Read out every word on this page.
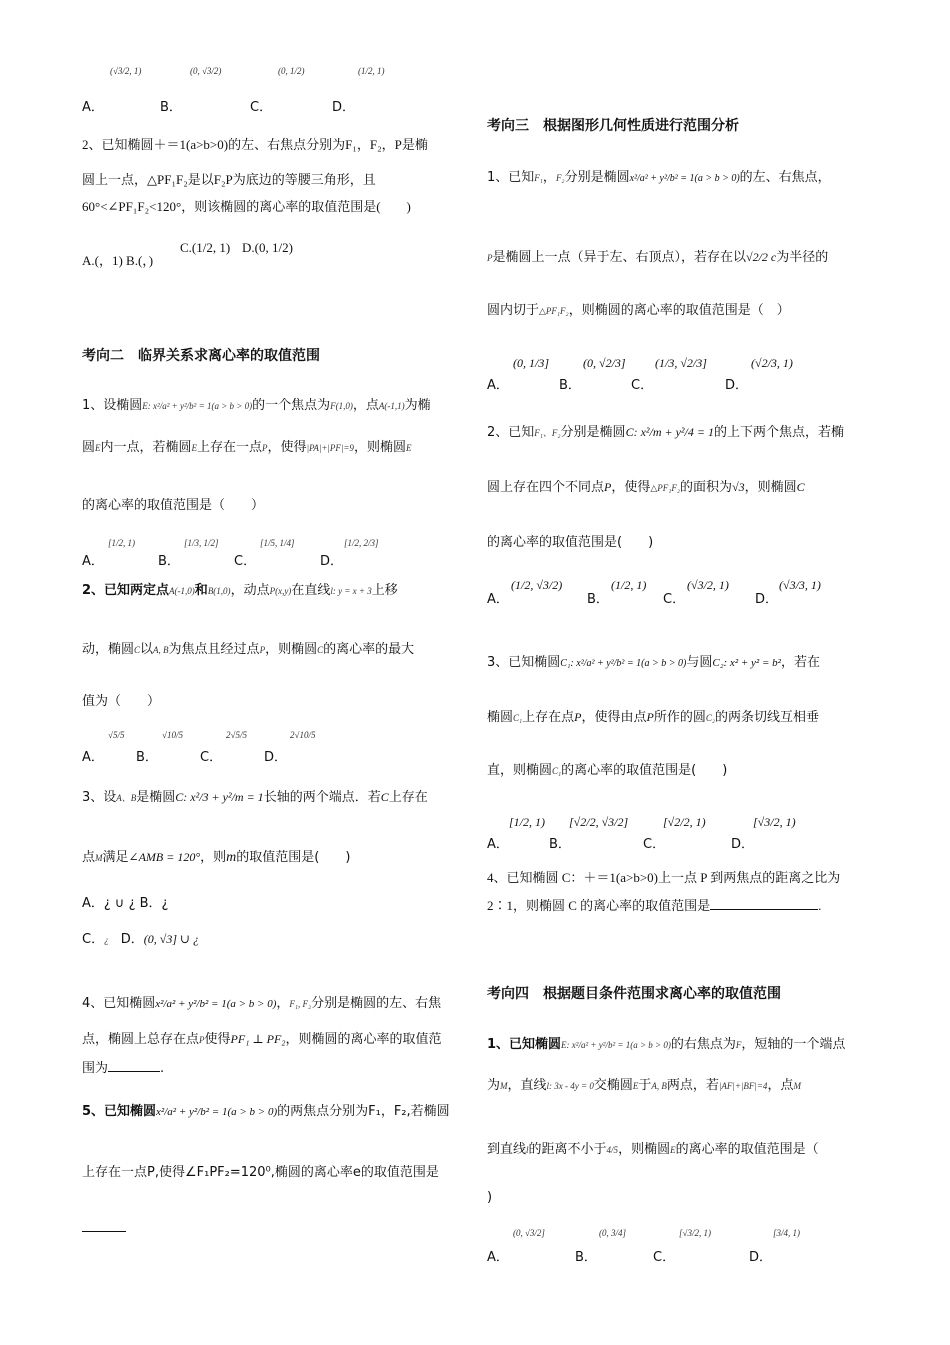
A．
(√3/2, 1)
B．
(0, √3/2)
C．
(0, 1/2)
D．
(1/2, 1)
2、已知椭圆＋＝1(a>b>0)的左、右焦点分别为F₁，F₂，P是椭
圆上一点，△PF₁F₂是以F₂P为底边的等腰三角形，且
60°<∠PF₁F₂<120°，则该椭圆的离心率的取值范围是(　　)
A.(，1) B.(，)
C.(1/2, 1) D.(0, 1/2)
考向二　临界关系求离心率的取值范围
1、设椭圆E: x²/a² + y²/b² = 1(a > b > 0)的一个焦点为F(1,0)，点A(-1,1)为椭
圆E内一点，若椭圆E上存在一点P，使得|PA|+|PF|=9，则椭圆E
的离心率的取值范围是（　　）
A．
[1/2, 1)
B．
[1/3, 1/2]
C．
[1/5, 1/4]
D．
[1/2, 2/3]
2、已知两定点A(-1,0)和B(1,0)，动点P(x,y)在直线l: y = x + 3上移
动，椭圆C以A, B为焦点且经过点P，则椭圆C的离心率的最大
值为（　　）
A．
√5/5
B．
√10/5
C．
2√5/5
D．
2√10/5
3、设A、B是椭圆C: x²/3 + y²/m = 1长轴的两个端点．若C上存在
点M满足∠AMB = 120°，则m的取值范围是(　　)
A．¿ ∪ ¿ B．¿
C．¿ D．(0, √3] ∪ ¿
4、已知椭圆x²/a² + y²/b² = 1(a > b > 0)，F₁, F₂分别是椭圆的左、右焦
点，椭圆上总存在点P使得PF₁ ⊥ PF₂，则椭圆的离心率的取值范
围为	.
5、已知椭圆x²/a² + y²/b² = 1(a > b > 0)的两焦点分别为F₁，F₂,若椭圆
上存在一点P,使得∠F₁PF₂=120⁰,椭圆的离心率e的取值范围是
考向三　根据图形几何性质进行范围分析
1、已知F₁，F₂分别是椭圆x²/a² + y²/b² = 1(a > b > 0)的左、右焦点，
P是椭圆上一点（异于左、右顶点），若存在以√2/2 c为半径的
圆内切于△PF₁F₂，则椭圆的离心率的取值范围是（　）
A．
(0, 1/3]
B．
(0, √2/3]
C．
(1/3, √2/3]
D．
(√2/3, 1)
2、已知F₁、F₂分别是椭圆C: x²/m + y²/4 = 1的上下两个焦点，若椭
圆上存在四个不同点P，使得△PF₁F₂的面积为√3，则椭圆C
的离心率的取值范围是(　　)
A．
(1/2, √3/2)
B．
(1/2, 1)
C．
(√3/2, 1)
D．
(√3/3, 1)
3、已知椭圆C₁: x²/a² + y²/b² = 1(a > b > 0)与圆C₂: x² + y² = b²，若在
椭圆C₁上存在点P，使得由点P所作的圆C₂的两条切线互相垂
直，则椭圆C₁的离心率的取值范围是(　　)
A．
[1/2, 1)
B．
[√2/2, √3/2]
C．
[√2/2, 1)
D．
[√3/2, 1)
4、已知椭圆 C：＋＝1(a>b>0)上一点 P 到两焦点的距离之比为
2∶1，则椭圆 C 的离心率的取值范围是	.
考向四　根据题目条件范围求离心率的取值范围
1、已知椭圆E: x²/a² + y²/b² = 1(a > b > 0)的右焦点为F，短轴的一个端点
为M，直线l: 3x - 4y = 0交椭圆E于A, B两点，若|AF|+|BF|=4，点M
到直线l的距离不小于4/5，则椭圆E的离心率的取值范围是（
)
A．
(0, √3/2]
B．
(0, 3/4]
C．
[√3/2, 1)
D．
[3/4, 1)
